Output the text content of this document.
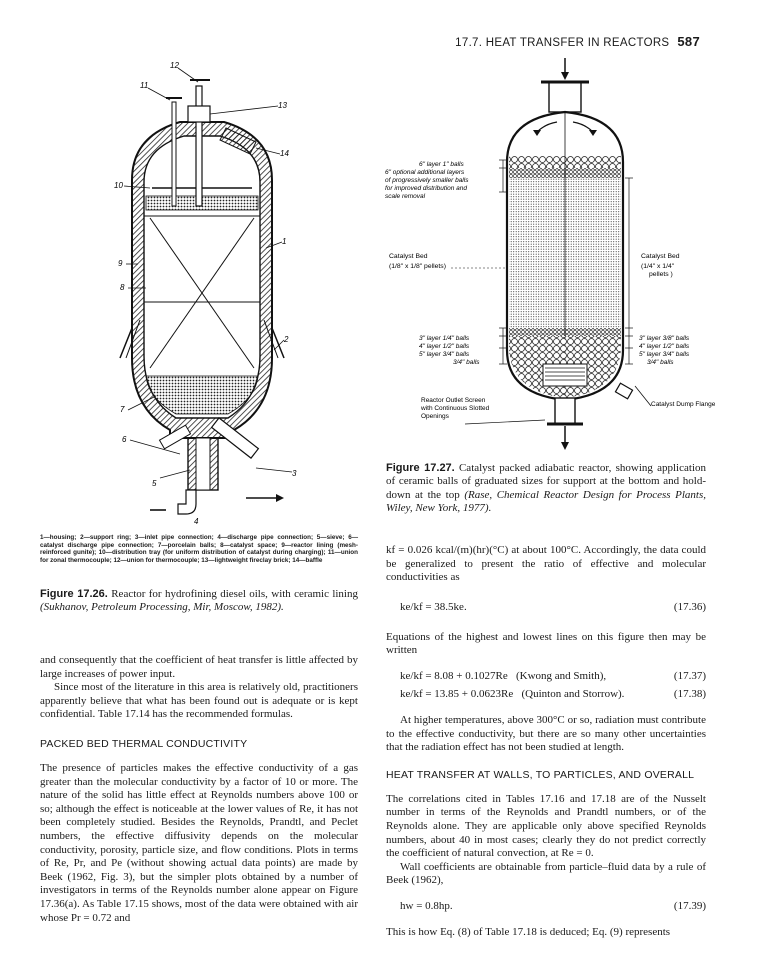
17.7. HEAT TRANSFER IN REACTORS 587
12
11
13
14
10
1
9
8
2
7
6
5
3
4
1—housing; 2—support ring; 3—inlet pipe connection; 4—discharge pipe connection; 5—sieve; 6—catalyst discharge pipe connection; 7—porcelain balls; 8—catalyst space; 9—reactor lining (mesh-reinforced gunite); 10—distribution tray (for uniform distribution of catalyst during charging); 11—union for zonal thermocouple; 12—union for thermocouple; 13—lightweight fireclay brick; 14—baffle

Figure 17.26. Reactor for hydrofining diesel oils, with ceramic lining (Sukhanov, Petroleum Processing, Mir, Moscow, 1982).

6" layer 1" balls
6" optional additional layers
of progressively smaller balls
for improved distribution and
scale removal
Catalyst Bed
(1/8" x 1/8" pellets)
Catalyst Bed
(1/4" x 1/4"
pellets )
3" layer 1/4" balls
4" layer 1/2" balls
5" layer 3/4" balls
3/4" balls
3" layer 3/8" balls
4" layer 1/2" balls
5" layer 3/4" balls
3/4" balls
Reactor Outlet Screen
with Continuous Slotted
Openings
Catalyst Dump Flange

Figure 17.27. Catalyst packed adiabatic reactor, showing application of ceramic balls of graduated sizes for support at the bottom and hold-down at the top (Rase, Chemical Reactor Design for Process Plants, Wiley, New York, 1977).

and consequently that the coefficient of heat transfer is little affected by large increases of power input.

Since most of the literature in this area is relatively old, practitioners apparently believe that what has been found out is adequate or is kept confidential. Table 17.14 has the recommended formulas.

PACKED BED THERMAL CONDUCTIVITY

The presence of particles makes the effective conductivity of a gas greater than the molecular conductivity by a factor of 10 or more. The nature of the solid has little effect at Reynolds numbers above 100 or so; although the effect is noticeable at the lower values of Re, it has not been completely studied. Besides the Reynolds, Prandtl, and Peclet numbers, the effective diffusivity depends on the molecular conductivity, porosity, particle size, and flow conditions. Plots in terms of Re, Pr, and Pe (without showing actual data points) are made by Beek (1962, Fig. 3), but the simpler plots obtained by a number of investigators in terms of the Reynolds number alone appear on Figure 17.36(a). As Table 17.15 shows, most of the data were obtained with air whose Pr = 0.72 and

kf = 0.026 kcal/(m)(hr)(°C) at about 100°C. Accordingly, the data could be generalized to present the ratio of effective and molecular conductivities as

ke/kf = 38.5ke.	(17.36)

Equations of the highest and lowest lines on this figure then may be written

ke/kf = 8.08 + 0.1027Re   (Kwong and Smith),	(17.37)
ke/kf = 13.85 + 0.0623Re   (Quinton and Storrow).	(17.38)

At higher temperatures, above 300°C or so, radiation must contribute to the effective conductivity, but there are so many other uncertainties that the radiation effect has not been studied at length.

HEAT TRANSFER AT WALLS, TO PARTICLES, AND OVERALL

The correlations cited in Tables 17.16 and 17.18 are of the Nusselt number in terms of the Reynolds and Prandtl numbers, or of the Reynolds alone. They are applicable only above specified Reynolds numbers, about 40 in most cases; clearly they do not predict correctly the coefficient of natural convection, at Re = 0.

Wall coefficients are obtainable from particle–fluid data by a rule of Beek (1962),

hw = 0.8hp.	(17.39)

This is how Eq. (8) of Table 17.18 is deduced; Eq. (9) represents
